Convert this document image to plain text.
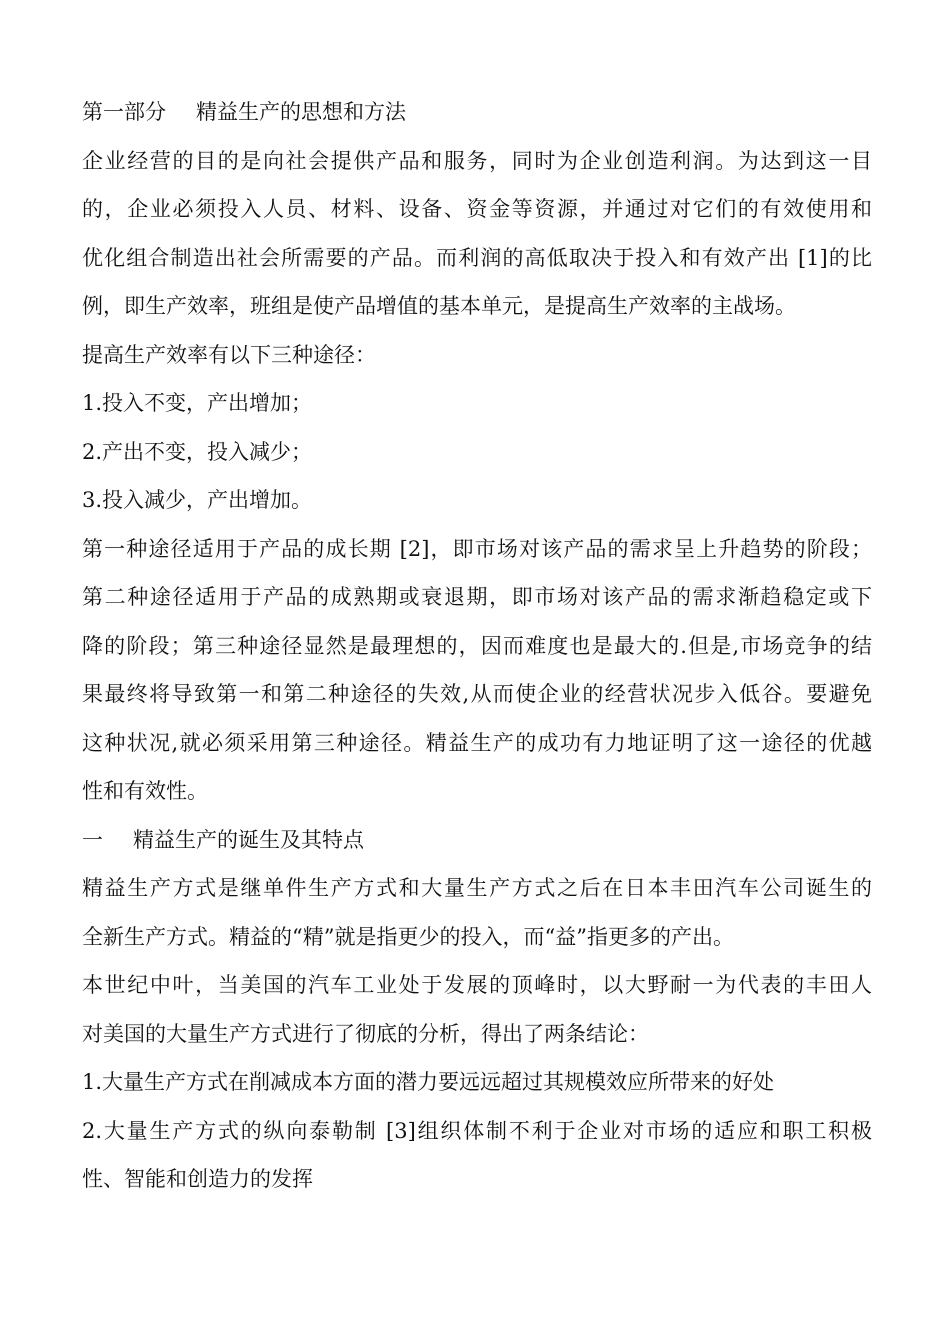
第一部分 精益生产的思想和方法
企业经营的目的是向社会提供产品和服务，同时为企业创造利润。为达到这一目
的，企业必须投入人员、材料、设备、资金等资源，并通过对它们的有效使用和
优化组合制造出社会所需要的产品。而利润的高低取决于投入和有效产出 [1]的比
例，即生产效率，班组是使产品增值的基本单元，是提高生产效率的主战场。
提高生产效率有以下三种途径：
1.投入不变，产出增加；
2.产出不变，投入减少；
3.投入减少，产出增加。
第一种途径适用于产品的成长期 [2]，即市场对该产品的需求呈上升趋势的阶段；
第二种途径适用于产品的成熟期或衰退期，即市场对该产品的需求渐趋稳定或下
降的阶段；第三种途径显然是最理想的，因而难度也是最大的.但是,市场竞争的结
果最终将导致第一和第二种途径的失效,从而使企业的经营状况步入低谷。要避免
这种状况,就必须采用第三种途径。精益生产的成功有力地证明了这一途径的优越
性和有效性。
一 精益生产的诞生及其特点
精益生产方式是继单件生产方式和大量生产方式之后在日本丰田汽车公司诞生的
全新生产方式。精益的“精”就是指更少的投入，而“益”指更多的产出。
本世纪中叶，当美国的汽车工业处于发展的顶峰时，以大野耐一为代表的丰田人
对美国的大量生产方式进行了彻底的分析，得出了两条结论：
1.大量生产方式在削减成本方面的潜力要远远超过其规模效应所带来的好处
2.大量生产方式的纵向泰勒制 [3]组织体制不利于企业对市场的适应和职工积极
性、智能和创造力的发挥
